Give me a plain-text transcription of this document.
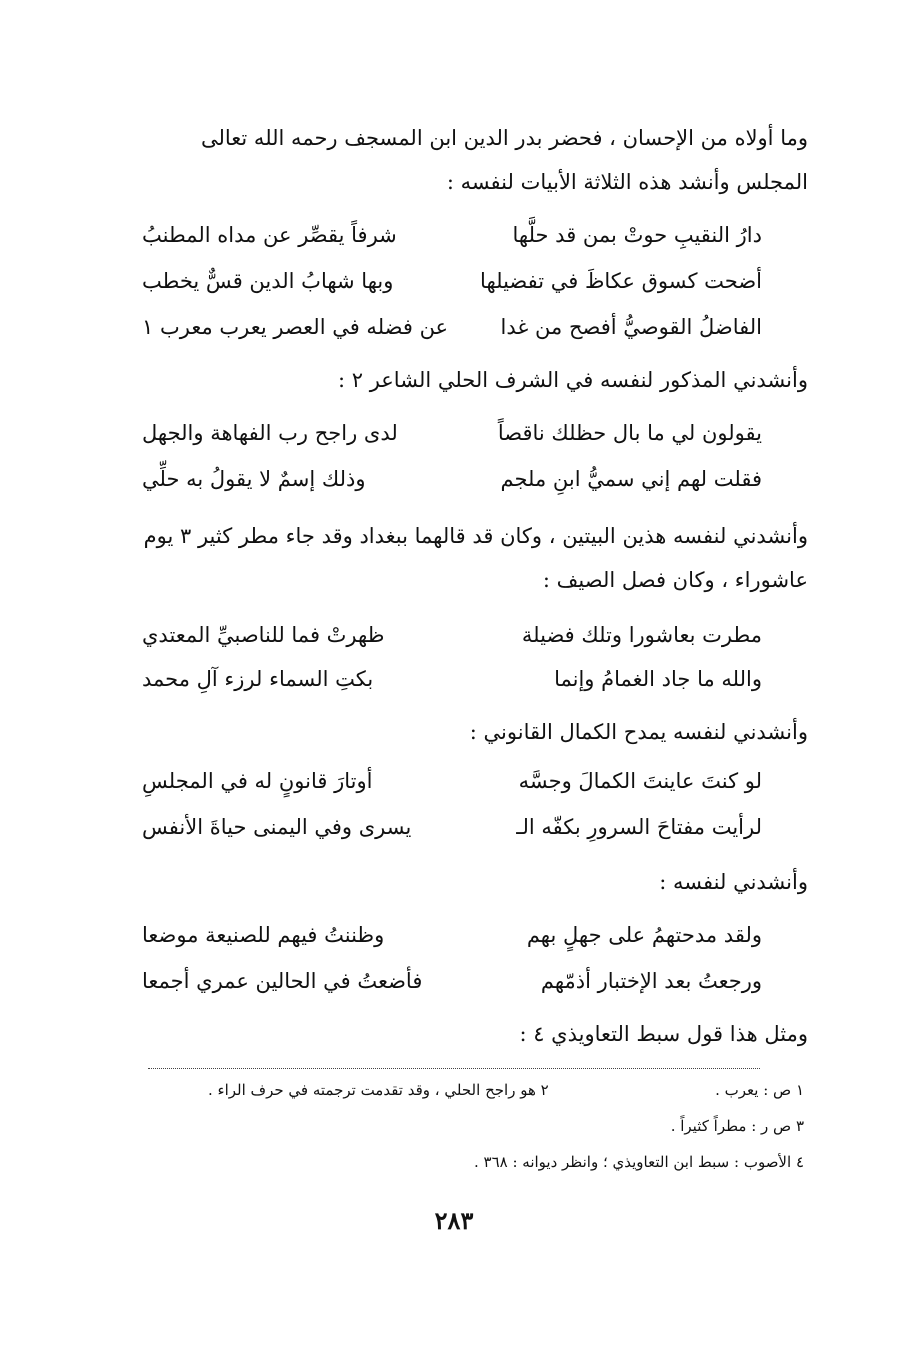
وما أولاه من الإحسان ، فحضر بدر الدين ابن المسجف رحمه الله تعالى
المجلس وأنشد هذه الثلاثة الأبيات لنفسه :
دارُ النقيبِ حوتْ بمن قد حلَّها
شرفاً يقصِّر عن مداه المطنبُ
أضحت كسوق عكاظَ في تفضيلها
وبها شهابُ الدين قسٌّ يخطب
الفاضلُ القوصيُّ أفصح من غدا
عن فضله في العصر يعرب معرب ١
وأنشدني المذكور لنفسه في الشرف الحلي الشاعر ٢ :
يقولون لي ما بال حظلك ناقصاً
لدى راجح رب الفهاهة والجهل
فقلت لهم إني سميُّ ابنِ ملجم
وذلك إسمٌ لا يقولُ به حلِّي
وأنشدني لنفسه هذين البيتين ، وكان قد قالهما ببغداد وقد جاء مطر كثير ٣ يوم
عاشوراء ، وكان فصل الصيف :
مطرت بعاشورا وتلك فضيلة
ظهرتْ فما للناصبيِّ المعتدي
والله ما جاد الغمامُ وإنما
بكتِ السماء لرزء آلِ محمد
وأنشدني لنفسه يمدح الكمال القانوني :
لو كنتَ عاينتَ الكمالَ وجسَّه
أوتارَ قانونٍ له في المجلسِ
لرأيت مفتاحَ السرورِ بكفّه الـ
يسرى وفي اليمنى حياةَ الأنفس
وأنشدني لنفسه :
ولقد مدحتهمُ على جهلٍ بهم
وظننتُ فيهم للصنيعة موضعا
ورجعتُ بعد الإختبار أذمّهم
فأضعتُ في الحالين عمري أجمعا
ومثل هذا قول سبط التعاويذي ٤ :
١ ص : يعرب .
٢ هو راجح الحلي ، وقد تقدمت ترجمته في حرف الراء .
٣ ص ر : مطراً كثيراً .
٤ الأصوب : سبط ابن التعاويذي ؛ وانظر ديوانه : ٣٦٨ .
٢٨٣
